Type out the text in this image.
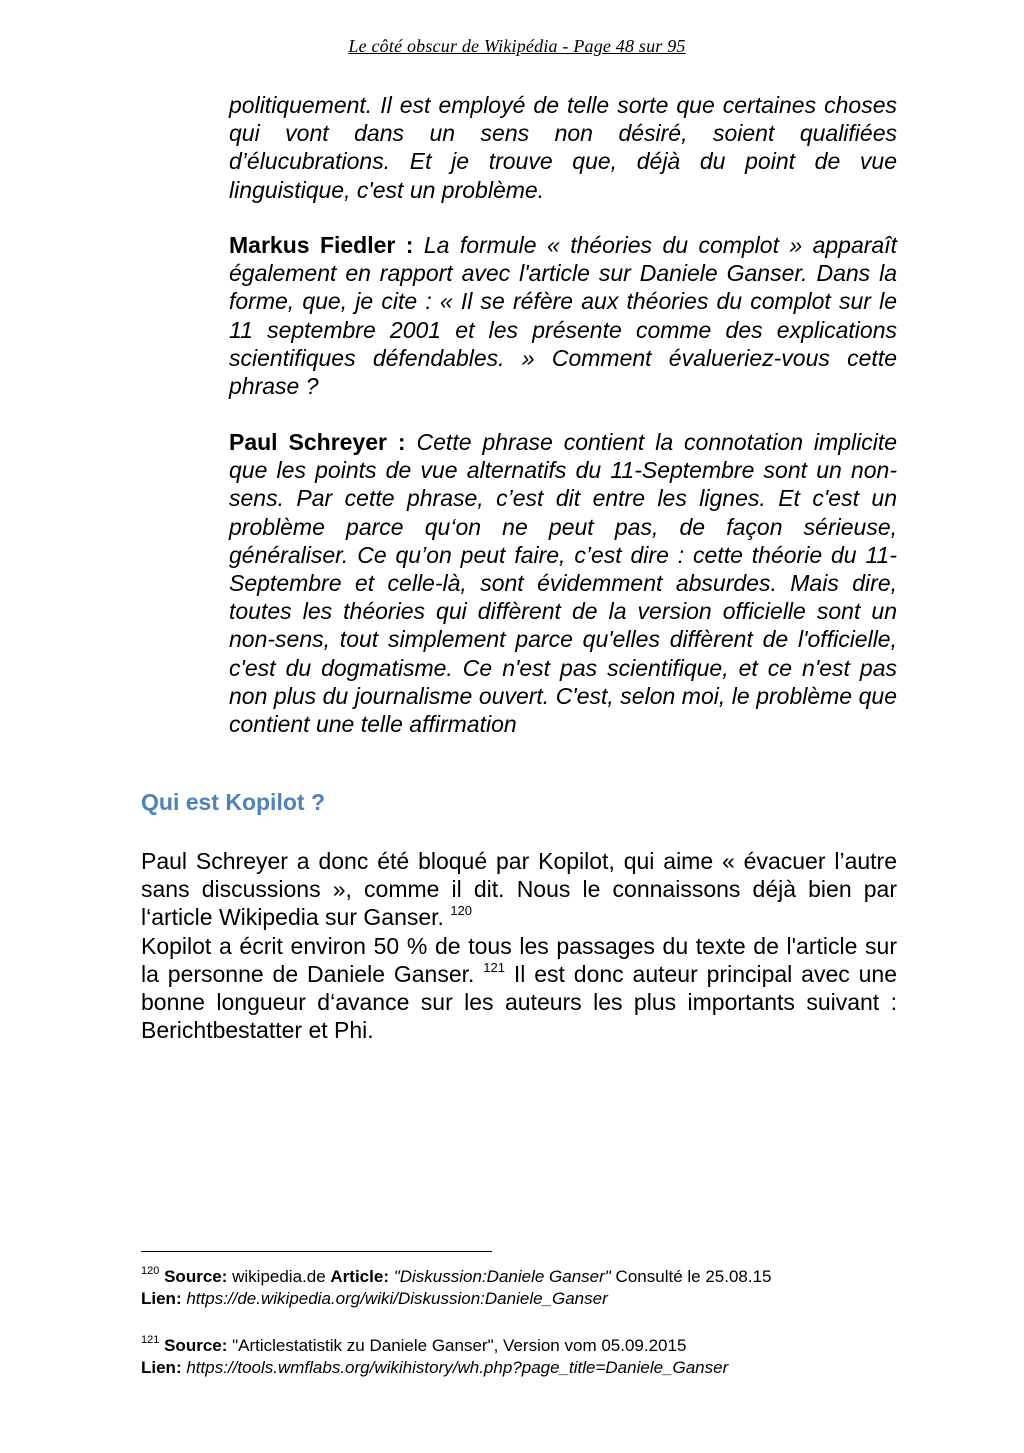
Le côté obscur de Wikipédia - Page 48 sur 95
politiquement. Il est employé de telle sorte que certaines choses qui vont dans un sens non désiré, soient qualifiées d’élucubrations. Et je trouve que, déjà du point de vue linguistique, c'est un problème.
Markus Fiedler : La formule « théories du complot » apparaît également en rapport avec l'article sur Daniele Ganser. Dans la forme, que, je cite : « Il se réfère aux théories du complot sur le 11 septembre 2001 et les présente comme des explications scientifiques défendables. » Comment évalueriez-vous cette phrase ?
Paul Schreyer : Cette phrase contient la connotation implicite que les points de vue alternatifs du 11-Septembre sont un non-sens. Par cette phrase, c’est dit entre les lignes. Et c'est un problème parce qu‘on ne peut pas, de façon sérieuse, généraliser. Ce qu’on peut faire, c’est dire : cette théorie du 11-Septembre et celle-là, sont évidemment absurdes. Mais dire, toutes les théories qui diffèrent de la version officielle sont un non-sens, tout simplement parce qu'elles diffèrent de l'officielle, c'est du dogmatisme. Ce n'est pas scientifique, et ce n'est pas non plus du journalisme ouvert. C'est, selon moi, le problème que contient une telle affirmation
Qui est Kopilot ?
Paul Schreyer a donc été bloqué par Kopilot, qui aime « évacuer l’autre sans discussions », comme il dit. Nous le connaissons déjà bien par l‘article Wikipedia sur Ganser. $^{120}$
Kopilot a écrit environ 50 % de tous les passages du texte de l'article sur la personne de Daniele Ganser. $^{121}$ Il est donc auteur principal avec une bonne longueur d‘avance sur les auteurs les plus importants suivant : Berichtbestatter et Phi.
$^{120}$ Source: wikipedia.de Article: "Diskussion:Daniele Ganser" Consulté le 25.08.15
Lien: https://de.wikipedia.org/wiki/Diskussion:Daniele_Ganser
$^{121}$ Source: "Articlestatistik zu Daniele Ganser", Version vom 05.09.2015
Lien: https://tools.wmflabs.org/wikihistory/wh.php?page_title=Daniele_Ganser
